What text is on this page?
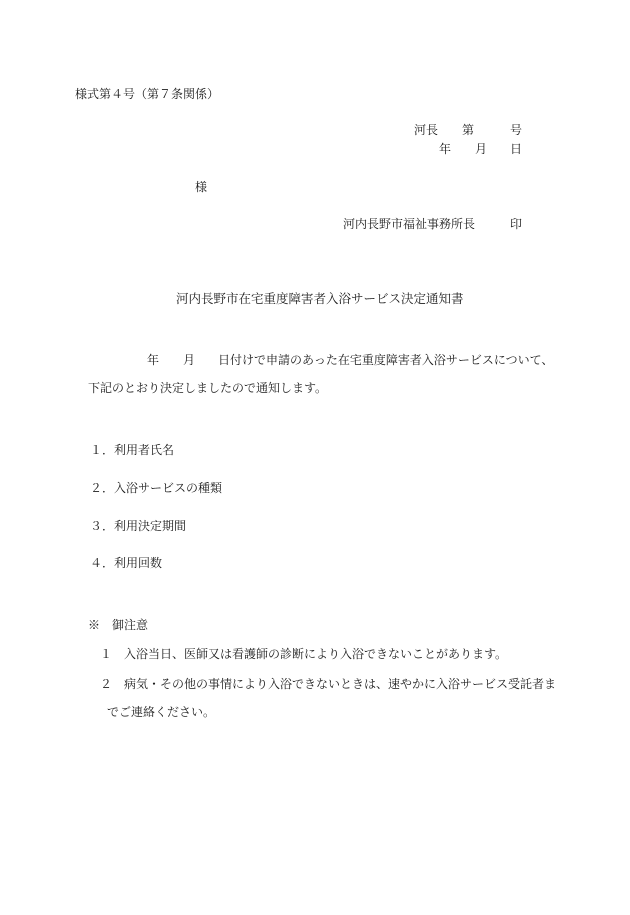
様式第４号（第７条関係）
河長 第	号
年 月 日
様
河内長野市福祉事務所長	印
河内長野市在宅重度障害者入浴サービス決定通知書
年 月 日付けで申請のあった在宅重度障害者入浴サービスについて、
下記のとおり決定しましたので通知します。
１．利用者氏名
２．入浴サービスの種類
３．利用決定期間
４．利用回数
※　御注意
１　入浴当日、医師又は看護師の診断により入浴できないことがあります。
２　病気・その他の事情により入浴できないときは、速やかに入浴サービス受託者ま
でご連絡ください。
